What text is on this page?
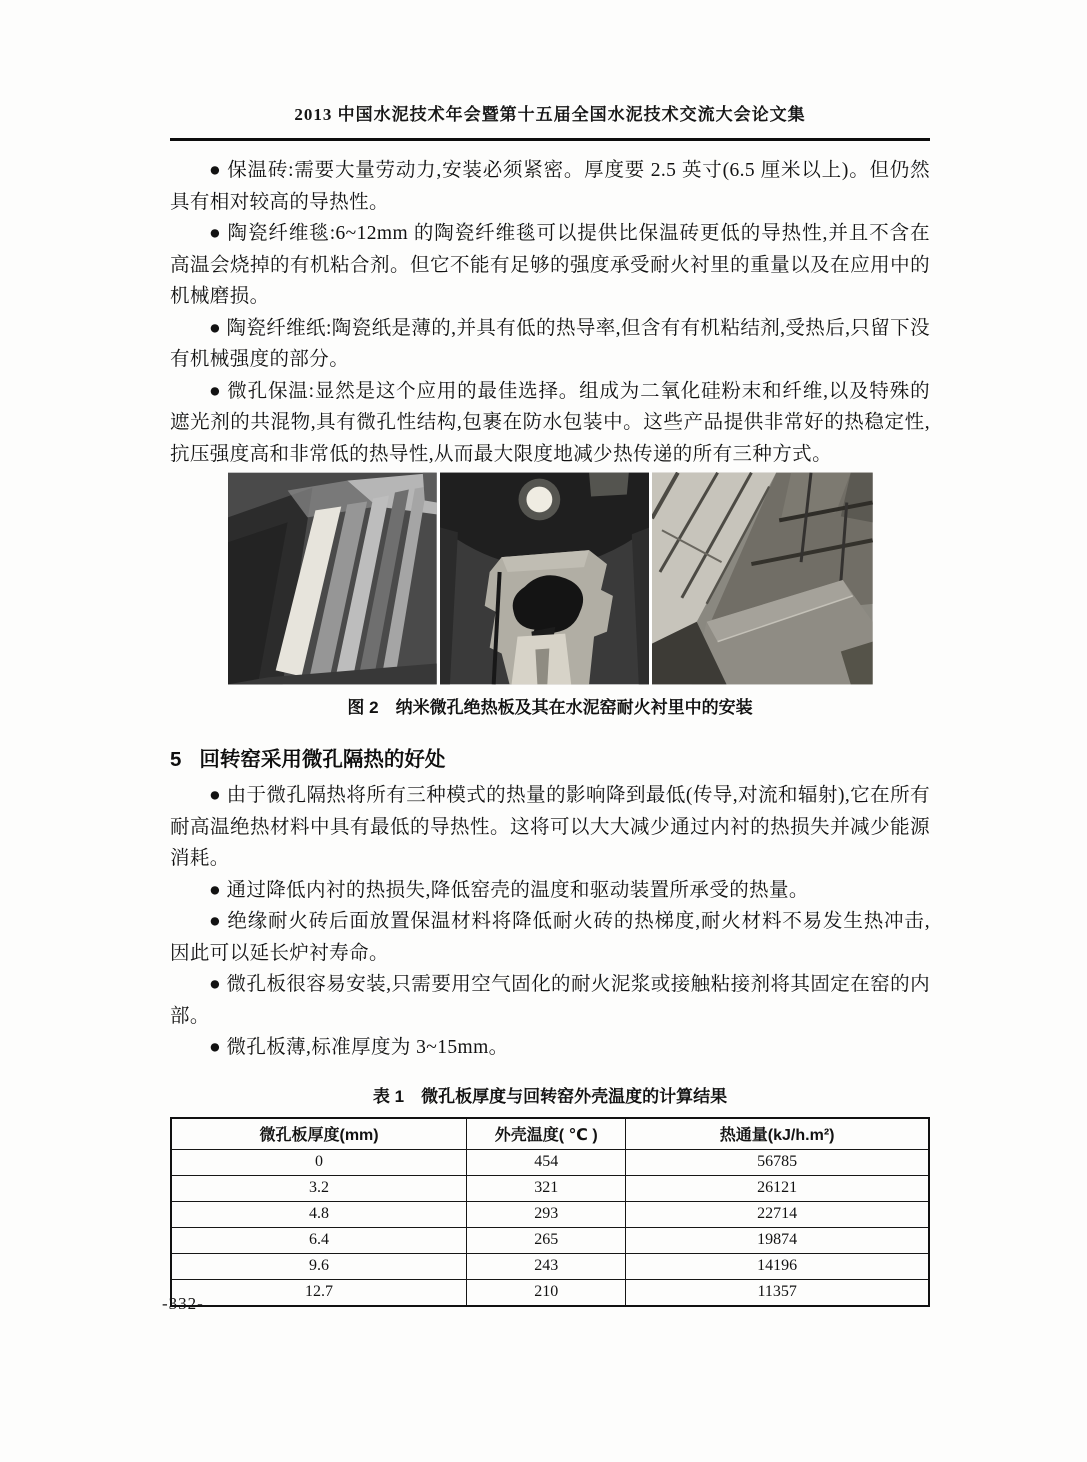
2013 中国水泥技术年会暨第十五届全国水泥技术交流大会论文集

● 保温砖:需要大量劳动力,安装必须紧密。厚度要 2.5 英寸(6.5 厘米以上)。但仍然具有相对较高的导热性。

● 陶瓷纤维毯:6~12mm 的陶瓷纤维毯可以提供比保温砖更低的导热性,并且不含在高温会烧掉的有机粘合剂。但它不能有足够的强度承受耐火衬里的重量以及在应用中的机械磨损。

● 陶瓷纤维纸:陶瓷纸是薄的,并具有低的热导率,但含有有机粘结剂,受热后,只留下没有机械强度的部分。

● 微孔保温:显然是这个应用的最佳选择。组成为二氧化硅粉末和纤维,以及特殊的遮光剂的共混物,具有微孔性结构,包裹在防水包装中。这些产品提供非常好的热稳定性,抗压强度高和非常低的热导性,从而最大限度地减少热传递的所有三种方式。

图 2　纳米微孔绝热板及其在水泥窑耐火衬里中的安装
5 回转窑采用微孔隔热的好处

● 由于微孔隔热将所有三种模式的热量的影响降到最低(传导,对流和辐射),它在所有耐高温绝热材料中具有最低的导热性。这将可以大大减少通过内衬的热损失并减少能源消耗。

● 通过降低内衬的热损失,降低窑壳的温度和驱动装置所承受的热量。

● 绝缘耐火砖后面放置保温材料将降低耐火砖的热梯度,耐火材料不易发生热冲击,因此可以延长炉衬寿命。

● 微孔板很容易安装,只需要用空气固化的耐火泥浆或接触粘接剂将其固定在窑的内部。

● 微孔板薄,标准厚度为 3~15mm。

表 1　微孔板厚度与回转窑外壳温度的计算结果
微孔板厚度(mm)	外壳温度( ℃ )	热通量(kJ/h.m²)
0	454	56785
3.2	321	26121
4.8	293	22714
6.4	265	19874
9.6	243	14196
12.7	210	11357
-332-
